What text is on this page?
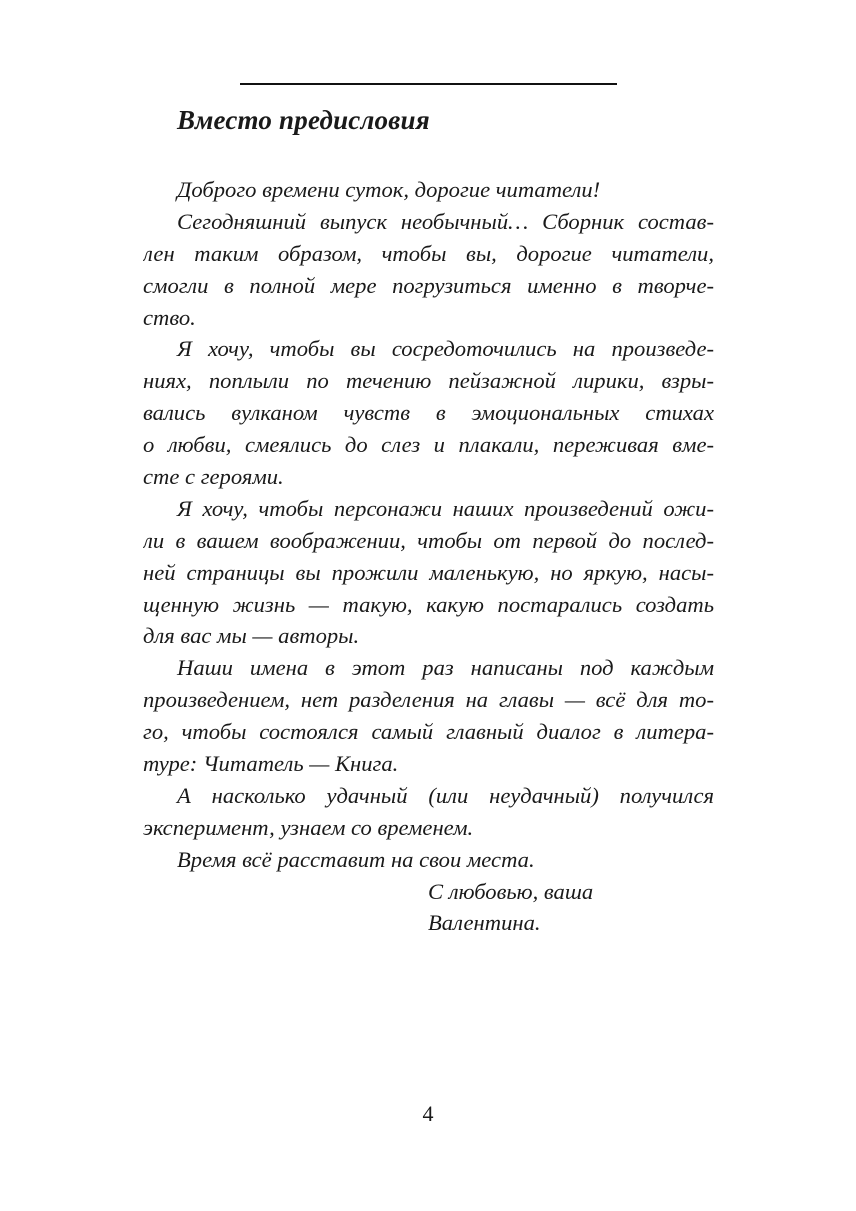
Вместо предисловия
Доброго времени суток, дорогие читатели!
Сегодняшний выпуск необычный… Сборник состав-
лен таким образом, чтобы вы, дорогие читатели,
смогли в полной мере погрузиться именно в творче-
ство.
Я хочу, чтобы вы сосредоточились на произведе-
ниях, поплыли по течению пейзажной лирики, взры-
вались вулканом чувств в эмоциональных стихах
о любви, смеялись до слез и плакали, переживая вме-
сте с героями.
Я хочу, чтобы персонажи наших произведений ожи-
ли в вашем воображении, чтобы от первой до послед-
ней страницы вы прожили маленькую, но яркую, насы-
щенную жизнь — такую, какую постарались создать
для вас мы — авторы.
Наши имена в этот раз написаны под каждым
произведением, нет разделения на главы — всё для то-
го, чтобы состоялся самый главный диалог в литера-
туре: Читатель — Книга.
А насколько удачный (или неудачный) получился
эксперимент, узнаем со временем.
Время всё расставит на свои места.
С любовью, ваша
Валентина.
4
